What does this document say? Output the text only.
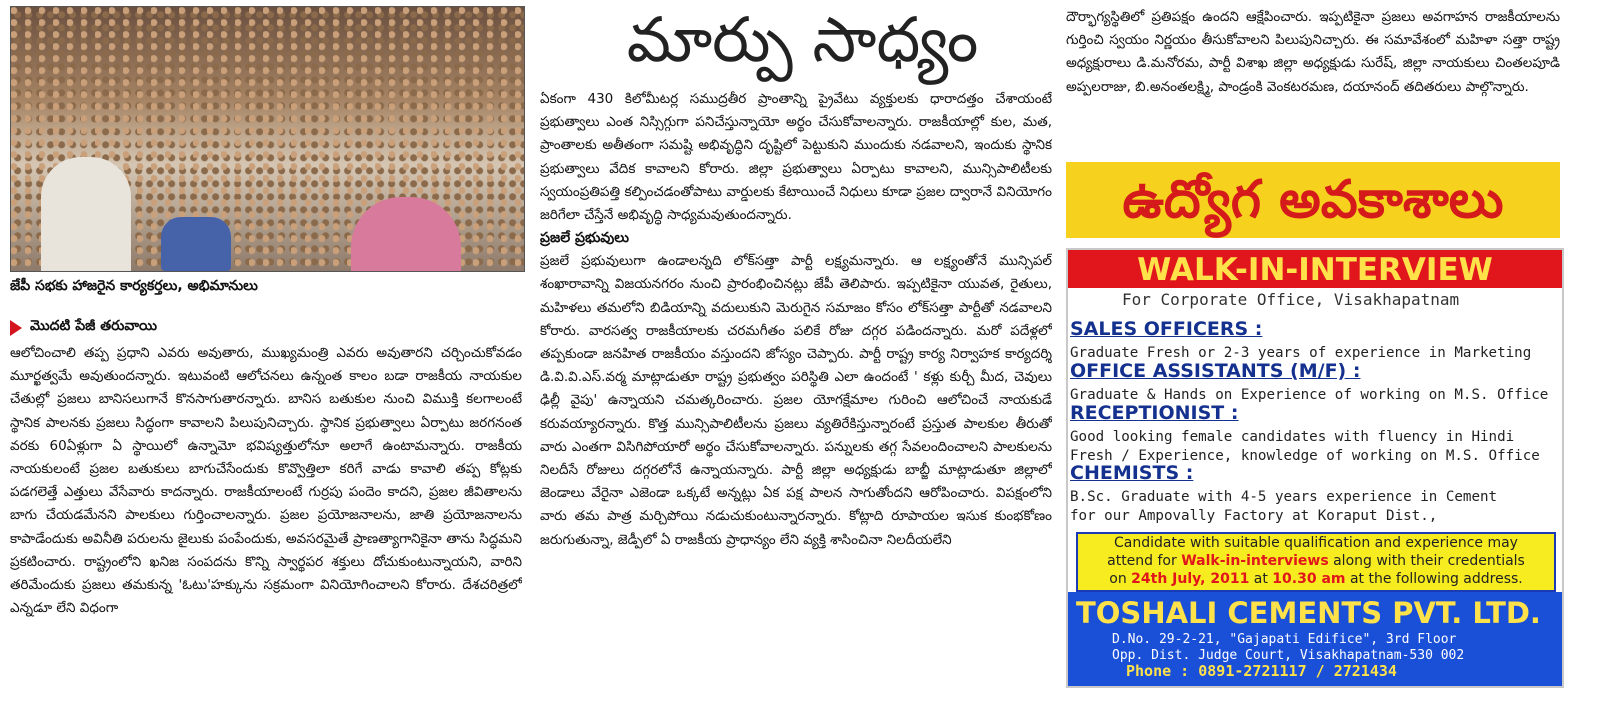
జేపీ సభకు హాజరైన కార్యకర్తలు, అభిమానులు
మొదటి పేజీ తరువాయి

ఆలోచించాలి తప్ప ప్రధాని ఎవరు అవుతారు, ముఖ్యమంత్రి ఎవరు అవుతారని చర్చించుకోవడం మూర్ఖత్వమే అవుతుందన్నారు. ఇటువంటి ఆలోచనలు ఉన్నంత కాలం బడా రాజకీయ నాయకుల చేతుల్లో ప్రజలు బానిసలుగానే కొనసాగుతారన్నారు. బానిస బతుకుల నుంచి విముక్తి కలగాలంటే స్థానిక పాలనకు ప్రజలు సిద్ధంగా కావాలని పిలుపునిచ్చారు. స్థానిక ప్రభుత్వాలు ఏర్పాటు జరగనంత వరకు 60ఏళ్లుగా ఏ స్థాయిలో ఉన్నామో భవిష్యత్తులోనూ అలాగే ఉంటామన్నారు. రాజకీయ నాయకులంటే ప్రజల బతుకులు బాగుచేసేందుకు కొవ్వొత్తిలా కరిగే వాడు కావాలి తప్ప కోట్లకు పడగలెత్తే ఎత్తులు వేసేవారు కాదన్నారు. రాజకీయాలంటే గుర్రపు పందెం కాదని, ప్రజల జీవితాలను బాగు చేయడమేనని పాలకులు గుర్తించాలన్నారు. ప్రజల ప్రయోజనాలను, జాతి ప్రయోజనాలను కాపాడేందుకు అవినీతి పరులను జైలుకు పంపేందుకు, అవసరమైతే ప్రాణత్యాగానికైనా తాను సిద్ధమని ప్రకటించారు. రాష్ట్రంలోని ఖనిజ సంపదను కొన్ని స్వార్థపర శక్తులు దోచుకుంటున్నాయని, వారిని తరిమేందుకు ప్రజలు తమకున్న 'ఓటు'హక్కును సక్రమంగా వినియోగించాలని కోరారు. దేశచరిత్రలో ఎన్నడూ లేని విధంగా

మార్పు సాధ్యం

ఏకంగా 430 కిలోమీటర్ల సముద్రతీర ప్రాంతాన్ని ప్రైవేటు వ్యక్తులకు ధారాదత్తం చేశాయంటే ప్రభుత్వాలు ఎంత నిస్సిగ్గుగా పనిచేస్తున్నాయో అర్థం చేసుకోవాలన్నారు. రాజకీయాల్లో కుల, మత, ప్రాంతాలకు అతీతంగా సమష్టి అభివృద్ధిని దృష్టిలో పెట్టుకుని ముందుకు నడవాలని, ఇందుకు స్థానిక ప్రభుత్వాలు వేదిక కావాలని కోరారు. జిల్లా ప్రభుత్వాలు ఏర్పాటు కావాలని, మున్సిపాలిటీలకు స్వయంప్రతిపత్తి కల్పించడంతోపాటు వార్డులకు కేటాయించే నిధులు కూడా ప్రజల ద్వారానే వినియోగం జరిగేలా చేస్తేనే అభివృద్ధి సాధ్యమవుతుందన్నారు.

ప్రజలే ప్రభువులు

ప్రజలే ప్రభువులుగా ఉండాలన్నది లోక్‌సత్తా పార్టీ లక్ష్యమన్నారు. ఆ లక్ష్యంతోనే మున్సిపల్ శంఖారావాన్ని విజయనగరం నుంచి ప్రారంభించినట్లు జేపీ తెలిపారు. ఇప్పటికైనా యువత, రైతులు, మహిళలు తమలోని బిడియాన్ని వదులుకుని మెరుగైన సమాజం కోసం లోక్‌సత్తా పార్టీతో నడవాలని కోరారు. వారసత్వ రాజకీయాలకు చరమగీతం పలికే రోజు దగ్గర పడిందన్నారు. మరో పదేళ్లలో తప్పకుండా జనహిత రాజకీయం వస్తుందని జోస్యం చెప్పారు. పార్టీ రాష్ట్ర కార్య నిర్వాహక కార్యదర్శి డి.వి.వి.ఎస్.వర్మ మాట్లాడుతూ రాష్ట్ర ప్రభుత్వం పరిస్థితి ఎలా ఉందంటే ' కళ్లు కుర్చీ మీద, చెవులు ఢిల్లీ వైపు' ఉన్నాయని చమత్కరించారు. ప్రజల యోగక్షేమాల గురించి ఆలోచించే నాయకుడే కరువయ్యారన్నారు. కొత్త మున్సిపాలిటీలను ప్రజలు వ్యతిరేకిస్తున్నారంటే ప్రస్తుత పాలకుల తీరుతో వారు ఎంతగా విసిగిపోయారో అర్థం చేసుకోవాలన్నారు. పన్నులకు తగ్గ సేవలందించాలని పాలకులను నిలదీసే రోజులు దగ్గరలోనే ఉన్నాయన్నారు. పార్టీ జిల్లా అధ్యక్షుడు బాబ్జీ మాట్లాడుతూ జిల్లాలో జెండాలు వేరైనా ఎజెండా ఒక్కటే అన్నట్లు ఏక పక్ష పాలన సాగుతోందని ఆరోపించారు. విపక్షంలోని వారు తమ పాత్ర మర్చిపోయి నడుచుకుంటున్నారన్నారు. కోట్లాది రూపాయల ఇసుక కుంభకోణం జరుగుతున్నా, జెడ్పీలో ఏ రాజకీయ ప్రాధాన్యం లేని వ్యక్తి శాసించినా నిలదీయలేని

దౌర్భాగ్యస్థితిలో ప్రతిపక్షం ఉందని ఆక్షేపించారు. ఇప్పటికైనా ప్రజలు అవగాహన రాజకీయాలను గుర్తించి స్వయం నిర్ణయం తీసుకోవాలని పిలుపునిచ్చారు. ఈ సమావేశంలో మహిళా సత్తా రాష్ట్ర అధ్యక్షురాలు డి.మనోరమ, పార్టీ విశాఖ జిల్లా అధ్యక్షుడు సురేష్, జిల్లా నాయకులు చింతలపూడి అప్పలరాజు, బి.అనంతలక్ష్మి, పాండ్రంకి వెంకటరమణ, దయానంద్ తదితరులు పాల్గొన్నారు.

ఉద్యోగ అవకాశాలు
WALK-IN-INTERVIEW
For Corporate Office, Visakhapatnam
SALES OFFICERS :
Graduate Fresh or 2-3 years of experience in Marketing
OFFICE ASSISTANTS (M/F) :
Graduate & Hands on Experience of working on M.S. Office
RECEPTIONIST :
Good looking female candidates with fluency in Hindi
Fresh / Experience, knowledge of working on M.S. Office
CHEMISTS :
B.Sc. Graduate with 4-5 years experience in Cement
for our Ampovally Factory at Koraput Dist.,
Candidate with suitable qualification and experience may
attend for Walk-in-interviews along with their credentials
on 24th July, 2011 at 10.30 am at the following address.
TOSHALI CEMENTS PVT. LTD.
D.No. 29-2-21, "Gajapati Edifice", 3rd Floor
Opp. Dist. Judge Court, Visakhapatnam-530 002
Phone : 0891-2721117 / 2721434
